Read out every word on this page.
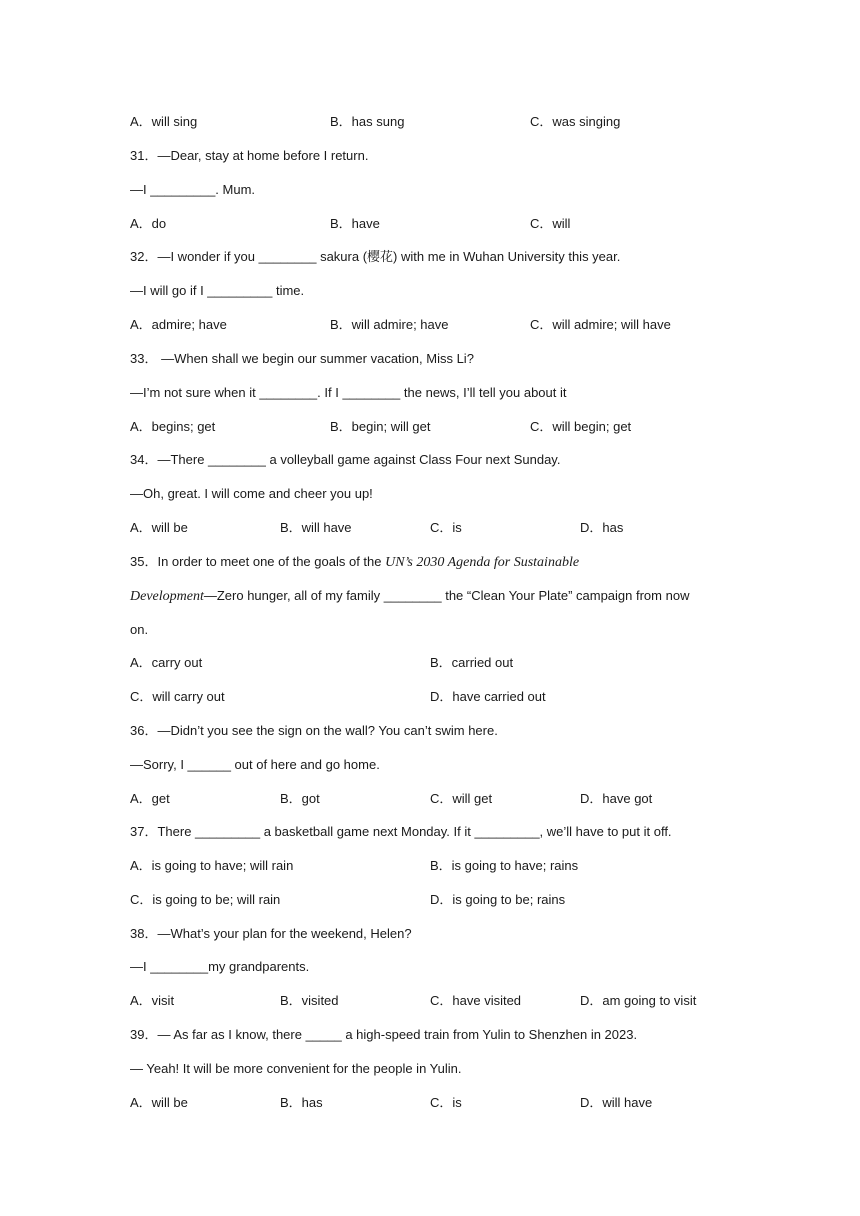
A．will sing	B．has sung	C．was singing
31．—Dear, stay at home before I return.
—I _________. Mum.
A．do	B．have	C．will
32．—I wonder if you ________ sakura (樱花) with me in Wuhan University this year.
—I will go if I _________ time.
A．admire; have	B．will admire; have	C．will admire; will have
33． —When shall we begin our summer vacation, Miss Li?
—I’m not sure when it ________. If I ________ the news, I’ll tell you about it
A．begins; get	B．begin; will get	C．will begin; get
34．—There ________ a volleyball game against Class Four next Sunday.
—Oh, great. I will come and cheer you up!
A．will be	B．will have	C．is	D．has
35．In order to meet one of the goals of the UN’s 2030 Agenda for Sustainable
Development—Zero hunger, all of my family ________ the “Clean Your Plate” campaign from now
on.
A．carry out	B．carried out
C．will carry out	D．have carried out
36．—Didn’t you see the sign on the wall? You can’t swim here.
—Sorry, I ______ out of here and go home.
A．get	B．got	C．will get	D．have got
37．There _________ a basketball game next Monday. If it _________, we’ll have to put it off.
A．is going to have; will rain	B．is going to have; rains
C．is going to be; will rain	D．is going to be; rains
38．—What’s your plan for the weekend, Helen?
—I ________my grandparents.
A．visit	B．visited	C．have visited	D．am going to visit
39．— As far as I know, there _____ a high-speed train from Yulin to Shenzhen in 2023.
— Yeah! It will be more convenient for the people in Yulin.
A．will be	B．has	C．is	D．will have
